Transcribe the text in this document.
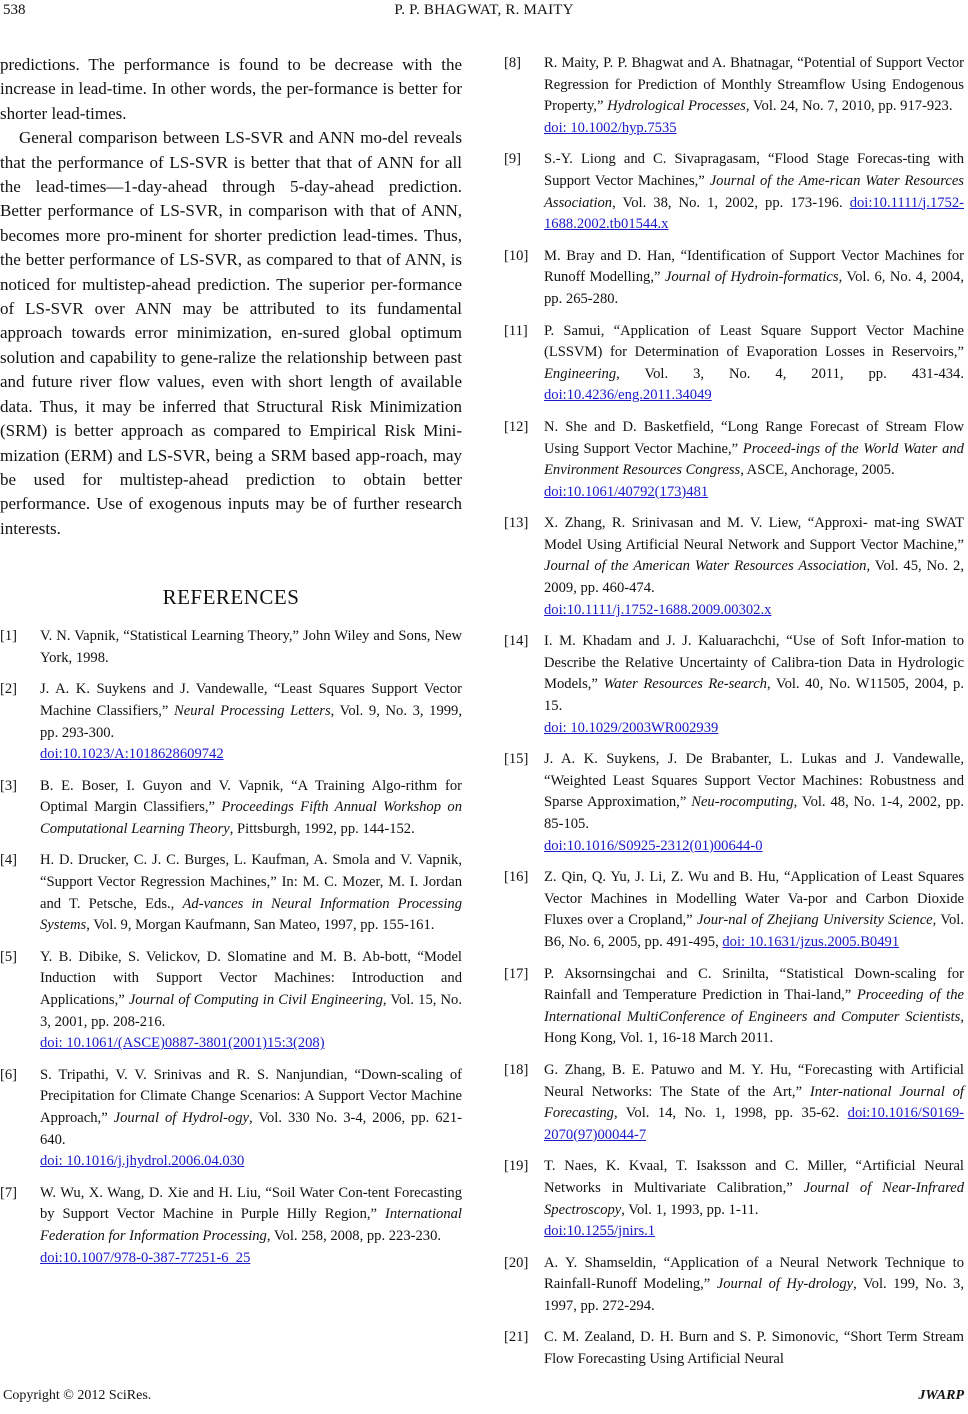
538	P. P. BHAGWAT, R. MAITY

predictions. The performance is found to be decrease with the increase in lead-time. In other words, the per-formance is better for shorter lead-times.

General comparison between LS-SVR and ANN mo-del reveals that the performance of LS-SVR is better that that of ANN for all the lead-times—1-day-ahead through 5-day-ahead prediction. Better performance of LS-SVR, in comparison with that of ANN, becomes more pro-minent for shorter prediction lead-times. Thus, the better performance of LS-SVR, as compared to that of ANN, is noticed for multistep-ahead prediction. The superior per-formance of LS-SVR over ANN may be attributed to its fundamental approach towards error minimization, en-sured global optimum solution and capability to gene-ralize the relationship between past and future river flow values, even with short length of available data. Thus, it may be inferred that Structural Risk Minimization (SRM) is better approach as compared to Empirical Risk Mini-mization (ERM) and LS-SVR, being a SRM based app-roach, may be used for multistep-ahead prediction to obtain better performance. Use of exogenous inputs may be of further research interests.

REFERENCES
[1]	V. N. Vapnik, “Statistical Learning Theory,” John Wiley and Sons, New York, 1998.
[2]	J. A. K. Suykens and J. Vandewalle, “Least Squares Support Vector Machine Classifiers,” Neural Processing Letters, Vol. 9, No. 3, 1999, pp. 293-300.
doi:10.1023/A:1018628609742
[3]	B. E. Boser, I. Guyon and V. Vapnik, “A Training Algo-rithm for Optimal Margin Classifiers,” Proceedings Fifth Annual Workshop on Computational Learning Theory, Pittsburgh, 1992, pp. 144-152.
[4]	H. D. Drucker, C. J. C. Burges, L. Kaufman, A. Smola and V. Vapnik, “Support Vector Regression Machines,” In: M. C. Mozer, M. I. Jordan and T. Petsche, Eds., Ad-vances in Neural Information Processing Systems, Vol. 9, Morgan Kaufmann, San Mateo, 1997, pp. 155-161.
[5]	Y. B. Dibike, S. Velickov, D. Slomatine and M. B. Ab-bott, “Model Induction with Support Vector Machines: Introduction and Applications,” Journal of Computing in Civil Engineering, Vol. 15, No. 3, 2001, pp. 208-216.
doi: 10.1061/(ASCE)0887-3801(2001)15:3(208)
[6]	S. Tripathi, V. V. Srinivas and R. S. Nanjundian, “Down-scaling of Precipitation for Climate Change Scenarios: A Support Vector Machine Approach,” Journal of Hydrol-ogy, Vol. 330 No. 3-4, 2006, pp. 621-640.
doi: 10.1016/j.jhydrol.2006.04.030
[7]	W. Wu, X. Wang, D. Xie and H. Liu, “Soil Water Con-tent Forecasting by Support Vector Machine in Purple Hilly Region,” International Federation for Information Processing, Vol. 258, 2008, pp. 223-230.
doi:10.1007/978-0-387-77251-6_25
[8]	R. Maity, P. P. Bhagwat and A. Bhatnagar, “Potential of Support Vector Regression for Prediction of Monthly Streamflow Using Endogenous Property,” Hydrological Processes, Vol. 24, No. 7, 2010, pp. 917-923.
doi: 10.1002/hyp.7535
[9]	S.-Y. Liong and C. Sivapragasam, “Flood Stage Forecas-ting with Support Vector Machines,” Journal of the Ame-rican Water Resources Association, Vol. 38, No. 1, 2002, pp. 173-196. doi:10.1111/j.1752-1688.2002.tb01544.x
[10]	M. Bray and D. Han, “Identification of Support Vector Machines for Runoff Modelling,” Journal of Hydroin-formatics, Vol. 6, No. 4, 2004, pp. 265-280.
[11]	P. Samui, “Application of Least Square Support Vector Machine (LSSVM) for Determination of Evaporation Losses in Reservoirs,” Engineering, Vol. 3, No. 4, 2011, pp. 431-434. doi:10.4236/eng.2011.34049
[12]	N. She and D. Basketfield, “Long Range Forecast of Stream Flow Using Support Vector Machine,” Proceed-ings of the World Water and Environment Resources Congress, ASCE, Anchorage, 2005.
doi:10.1061/40792(173)481
[13]	X. Zhang, R. Srinivasan and M. V. Liew, “Approxi- mat-ing SWAT Model Using Artificial Neural Network and Support Vector Machine,” Journal of the American Water Resources Association, Vol. 45, No. 2, 2009, pp. 460-474.
doi:10.1111/j.1752-1688.2009.00302.x
[14]	I. M. Khadam and J. J. Kaluarachchi, “Use of Soft Infor-mation to Describe the Relative Uncertainty of Calibra-tion Data in Hydrologic Models,” Water Resources Re-search, Vol. 40, No. W11505, 2004, p. 15.
doi: 10.1029/2003WR002939
[15]	J. A. K. Suykens, J. De Brabanter, L. Lukas and J. Vandewalle, “Weighted Least Squares Support Vector Machines: Robustness and Sparse Approximation,” Neu-rocomputing, Vol. 48, No. 1-4, 2002, pp. 85-105.
doi:10.1016/S0925-2312(01)00644-0
[16]	Z. Qin, Q. Yu, J. Li, Z. Wu and B. Hu, “Application of Least Squares Vector Machines in Modelling Water Va-por and Carbon Dioxide Fluxes over a Cropland,” Jour-nal of Zhejiang University Science, Vol. B6, No. 6, 2005, pp. 491-495, doi: 10.1631/jzus.2005.B0491
[17]	P. Aksornsingchai and C. Srinilta, “Statistical Down-scaling for Rainfall and Temperature Prediction in Thai-land,” Proceeding of the International MultiConference of Engineers and Computer Scientists, Hong Kong, Vol. 1, 16-18 March 2011.
[18]	G. Zhang, B. E. Patuwo and M. Y. Hu, “Forecasting with Artificial Neural Networks: The State of the Art,” Inter-national Journal of Forecasting, Vol. 14, No. 1, 1998, pp. 35-62. doi:10.1016/S0169-2070(97)00044-7
[19]	T. Naes, K. Kvaal, T. Isaksson and C. Miller, “Artificial Neural Networks in Multivariate Calibration,” Journal of Near-Infrared Spectroscopy, Vol. 1, 1993, pp. 1-11.
doi:10.1255/jnirs.1
[20]	A. Y. Shamseldin, “Application of a Neural Network Technique to Rainfall-Runoff Modeling,” Journal of Hy-drology, Vol. 199, No. 3, 1997, pp. 272-294.
[21]	C. M. Zealand, D. H. Burn and S. P. Simonovic, “Short Term Stream Flow Forecasting Using Artificial Neural
Copyright © 2012 SciRes.	JWARP
